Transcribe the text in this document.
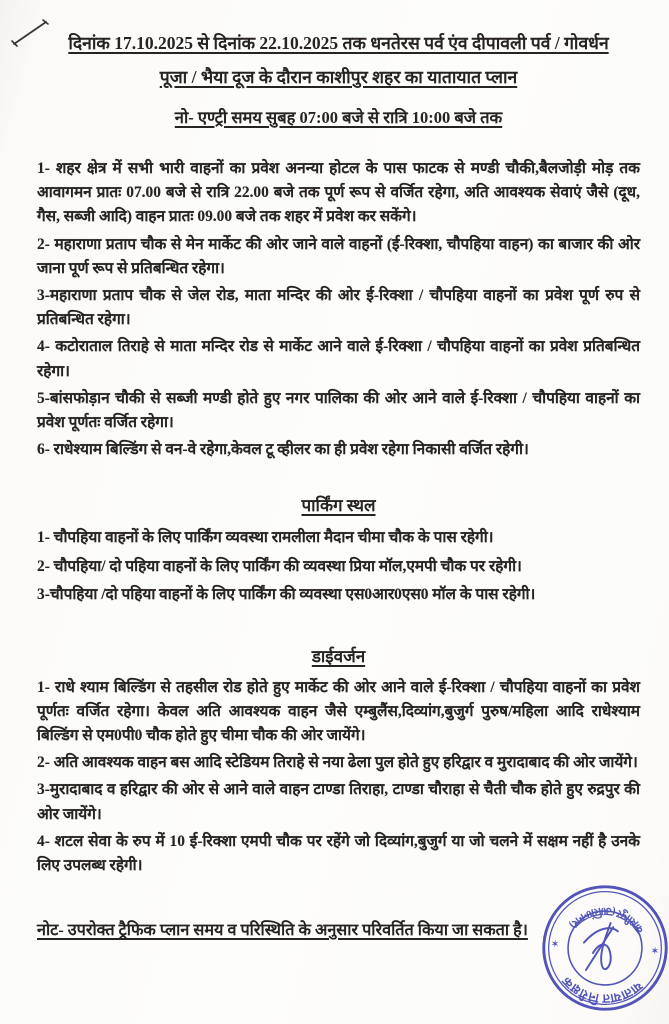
दिनांक 17.10.2025 से दिनांक 22.10.2025 तक धनतेरस पर्व एंव दीपावली पर्व / गोवर्धन
पूजा / भैया दूज के दौरान काशीपुर शहर का यातायात प्लान
नो- एण्ट्री समय सुबह 07:00 बजे से रात्रि 10:00 बजे तक

1- शहर क्षेत्र में सभी भारी वाहनों का प्रवेश अनन्या होटल के पास फाटक से मण्डी चौकी,बैलजोड़ी मोड़ तक आवागमन प्रातः 07.00 बजे से रात्रि 22.00 बजे तक पूर्ण रूप से वर्जित रहेगा, अति आवश्यक सेवाएं जैसे (दूध, गैस, सब्जी आदि) वाहन प्रातः 09.00 बजे तक शहर में प्रवेश कर सकेंगे।

2- महाराणा प्रताप चौक से मेन मार्केट की ओर जाने वाले वाहनों (ई-रिक्शा, चौपहिया वाहन) का बाजार की ओर जाना पूर्ण रूप से प्रतिबन्धित रहेगा।

3-महाराणा प्रताप चौक से जेल रोड, माता मन्दिर की ओर ई-रिक्शा / चौपहिया वाहनों का प्रवेश पूर्ण रुप से प्रतिबन्धित रहेगा।

4- कटोराताल तिराहे से माता मन्दिर रोड से मार्केट आने वाले ई-रिक्शा / चौपहिया वाहनों का प्रवेश प्रतिबन्धित रहेगा।

5-बांसफोड़ान चौकी से सब्जी मण्डी होते हुए नगर पालिका की ओर आने वाले ई-रिक्शा / चौपहिया वाहनों का प्रवेश पूर्णतः वर्जित रहेगा।

6- राधेश्याम बिल्डिंग से वन-वे रहेगा,केवल टू व्हीलर का ही प्रवेश रहेगा निकासी वर्जित रहेगी।

पार्किंग स्थल

1- चौपहिया वाहनों के लिए पार्किंग व्यवस्था रामलीला मैदान चीमा चौक के पास रहेगी।

2- चौपहिया/ दो पहिया वाहनों के लिए पार्किंग की व्यवस्था प्रिया मॉल,एमपी चौक पर रहेगी।

3-चौपहिया /दो पहिया वाहनों के लिए पार्किंग की व्यवस्था एस0आर0एस0 मॉल के पास रहेगी।

डाईवर्जन

1- राधे श्याम बिल्डिंग से तहसील रोड होते हुए मार्केट की ओर आने वाले ई-रिक्शा / चौपहिया वाहनों का प्रवेश पूर्णतः वर्जित रहेगा। केवल अति आवश्यक वाहन जैसे एम्बुलैंस,दिव्यांग,बुजुर्ग पुरुष/महिला आदि राधेश्याम बिल्डिंग से एम0पी0 चौक होते हुए चीमा चौक की ओर जायेंगे।

2- अति आवश्यक वाहन बस आदि स्टेडियम तिराहे से नया ढेला पुल होते हुए हरिद्वार व मुरादाबाद की ओर जायेंगे।

3-मुरादाबाद व हरिद्वार की ओर से आने वाले वाहन टाण्डा तिराहा, टाण्डा चौराहा से चैती चौक होते हुए रुद्रपुर की ओर जायेंगे।

4- शटल सेवा के रुप में 10 ई-रिक्शा एमपी चौक पर रहेंगे जो दिव्यांग,बुजुर्ग या जो चलने में सक्षम नहीं है उनके लिए उपलब्ध रहेगी।

नोट- उपरोक्त ट्रैफिक प्लान समय व परिस्थिति के अनुसार परिवर्तित किया जा सकता है।
यातायात निरीक्षक
काशीपुर (उ0सिं0नगर)
✶
✶
